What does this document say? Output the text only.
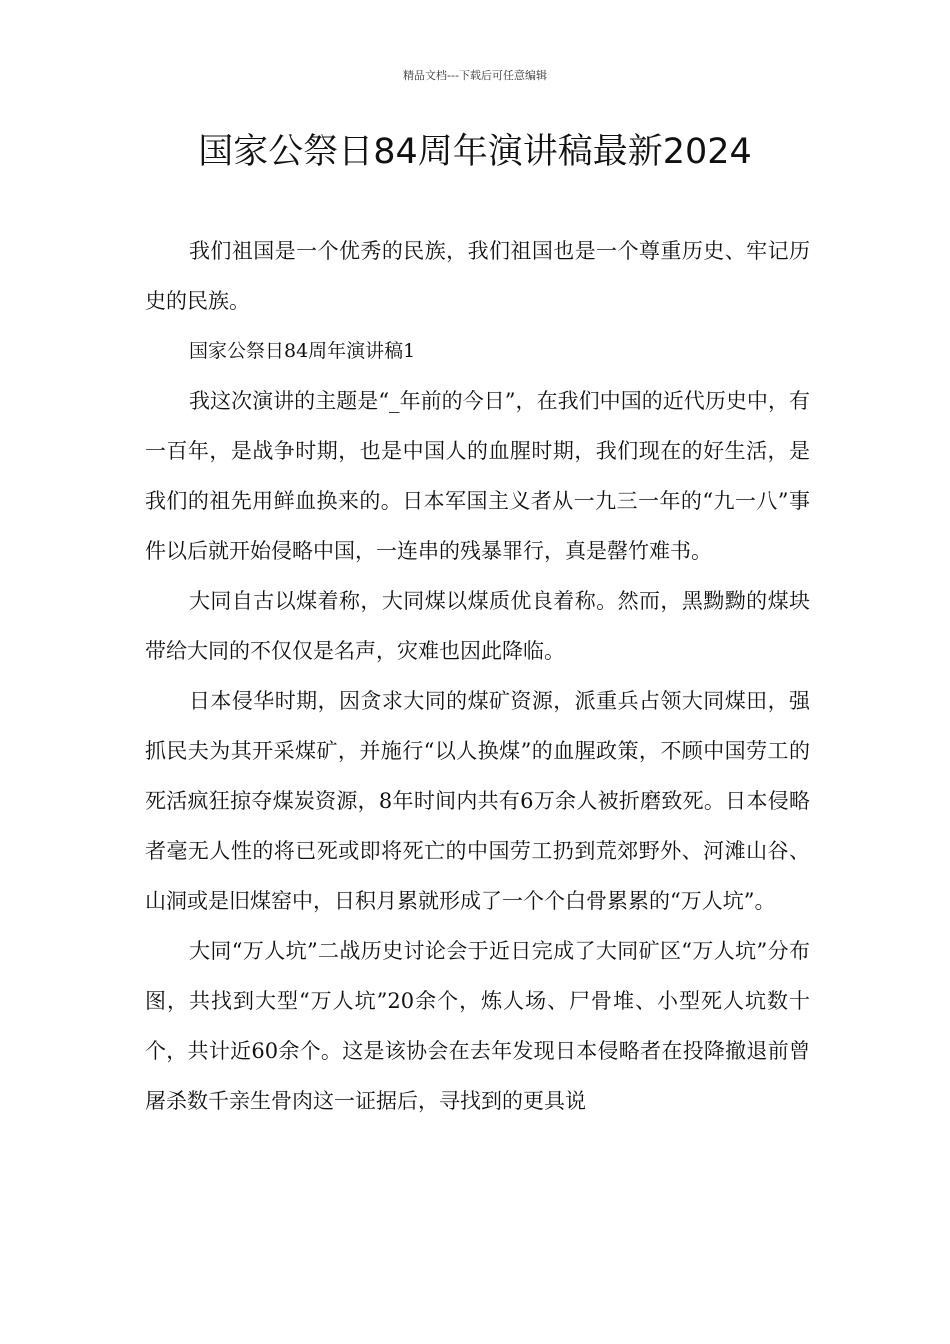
精品文档---下载后可任意编辑
国家公祭日84周年演讲稿最新2024

我们祖国是一个优秀的民族，我们祖国也是一个尊重历史、牢记历史的民族。

国家公祭日84周年演讲稿1

我这次演讲的主题是“_年前的今日”，在我们中国的近代历史中，有一百年，是战争时期，也是中国人的血腥时期，我们现在的好生活，是我们的祖先用鲜血换来的。日本军国主义者从一九三一年的“九一八”事件以后就开始侵略中国，一连串的残暴罪行，真是罄竹难书。

大同自古以煤着称，大同煤以煤质优良着称。然而，黑黝黝的煤块带给大同的不仅仅是名声，灾难也因此降临。

日本侵华时期，因贪求大同的煤矿资源，派重兵占领大同煤田，强抓民夫为其开采煤矿，并施行“以人换煤”的血腥政策，不顾中国劳工的死活疯狂掠夺煤炭资源，8年时间内共有6万余人被折磨致死。日本侵略者毫无人性的将已死或即将死亡的中国劳工扔到荒郊野外、河滩山谷、山洞或是旧煤窑中，日积月累就形成了一个个白骨累累的“万人坑”。

大同“万人坑”二战历史讨论会于近日完成了大同矿区“万人坑”分布图，共找到大型“万人坑”20余个，炼人场、尸骨堆、小型死人坑数十个，共计近60余个。这是该协会在去年发现日本侵略者在投降撤退前曾屠杀数千亲生骨肉这一证据后，寻找到的更具说
